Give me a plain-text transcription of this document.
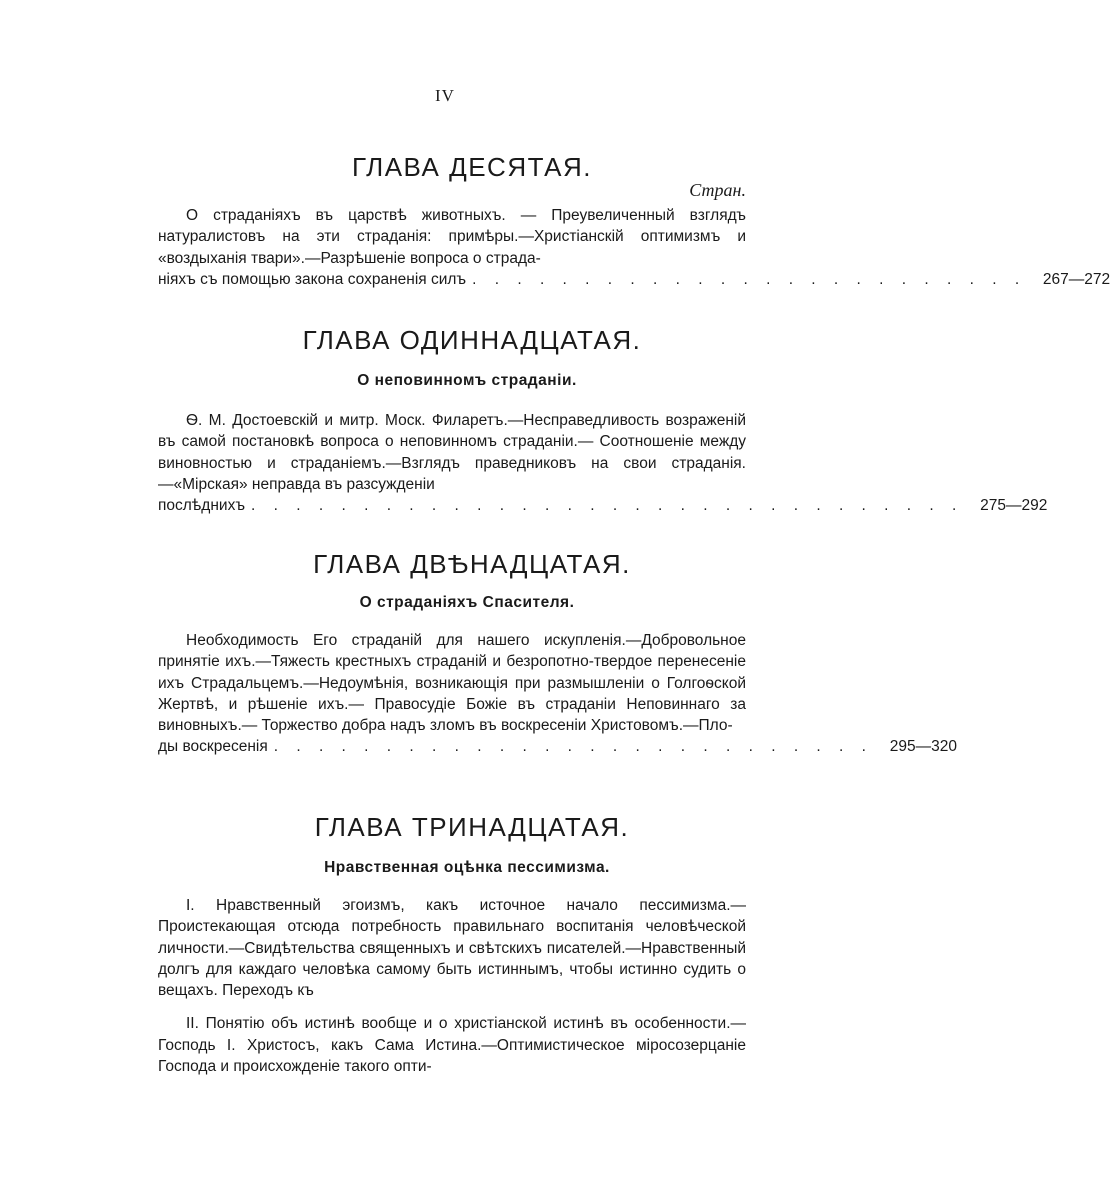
IV
ГЛАВА ДЕСЯТАЯ.
Стран.

О страданіяхъ въ царствѣ животныхъ. — Преувеличенный взглядъ натуралистовъ на эти страданія: примѣры.—Христіанскій оптимизмъ и «воздыханія твари».—Разрѣшеніе вопроса о страда-

ніяхъ съ помощью закона сохраненія силъ . . . . . . . . . . . . . . . . . . . . . . . . .	267—272
ГЛАВА ОДИННАДЦАТАЯ.

О неповинномъ страданіи.

Ѳ. М. Достоевскій и митр. Моск. Филаретъ.—Несправедливость возраженій въ самой постановкѣ вопроса о неповинномъ страданіи.— Соотношеніе между виновностью и страданіемъ.—Взглядъ праведниковъ на свои страданія.—«Мірская» неправда въ разсужденіи

послѣднихъ . . . . . . . . . . . . . . . . . . . . . . . . . . . . . . . .	275—292
ГЛАВА ДВѢНАДЦАТАЯ.

О страданіяхъ Спасителя.

Необходимость Его страданій для нашего искупленія.—Добровольное принятіе ихъ.—Тяжесть крестныхъ страданій и безропотно-твердое перенесеніе ихъ Страдальцемъ.—Недоумѣнія, возникающія при размышленіи о Голгоѳской Жертвѣ, и рѣшеніе ихъ.— Правосудіе Божіе въ страданіи Неповиннаго за виновныхъ.— Торжество добра надъ зломъ въ воскресеніи Христовомъ.—Пло-

ды воскресенія . . . . . . . . . . . . . . . . . . . . . . . . . . .	295—320
ГЛАВА ТРИНАДЦАТАЯ.

Нравственная оцѣнка пессимизма.

I. Нравственный эгоизмъ, какъ источное начало пессимизма.— Проистекающая отсюда потребность правильнаго воспитанія человѣческой личности.—Свидѣтельства священныхъ и свѣтскихъ писателей.—Нравственный долгъ для каждаго человѣка самому быть истиннымъ, чтобы истинно судить о вещахъ. Переходъ къ

II. Понятію объ истинѣ вообще и о христіанской истинѣ въ особенности.—Господь I. Христосъ, какъ Сама Истина.—Оптимистическое міросозерцаніе Господа и происхожденіе такого опти-
